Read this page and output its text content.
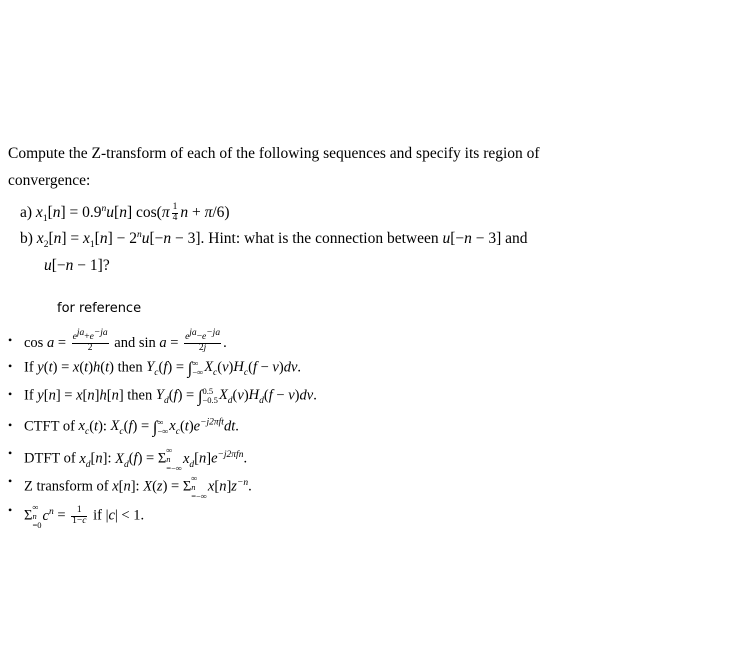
Compute the Z-transform of each of the following sequences and specify its region of
convergence:
a) $x_1[n] = 0.9^nu[n]$ $\cos(\pi \frac{1}{4}$ n + π/6)
b) $x_2[n] = x_1[n] - 2^nu[-n - 3]$. Hint: what is the connection between u[−n − 3] and
u[−n − 1]?
for reference
• $\cos a = \frac{e^{ja}+e^{-ja}}{2}$ and $\sin a = \frac{e^{ja}-e^{-ja}}{2j}$ .
• If y(t) = x(t)h(t) then $Y_c(f)$ = ∫ ∞
−∞ $X_c(v)H_c(f - v)dv$.
• If y[n] = x[n]h[n] then $Y_d(f)$ = ∫ 0.5
−0.5 $X_d(v)H_d(f - v)dv$.
• CTFT of $x_c(t)$: $X_c(f)$ = ∫ ∞
−∞ $x_c(t)e^{-j2\pi ft}dt$.
• DTFT of $x_d[n]$: $X_d(f) = \Sigma$
∞
n
=−∞
$x_d[n]e^{-j2\pi fn}$.
• Z transform of x[n]: X(z) = Σ
∞
n
=−∞
$x[n]z^{-n}$.
• Σ
∞
n
=0
$c^n = \frac{1}{1-c}$ if |c| < 1.
